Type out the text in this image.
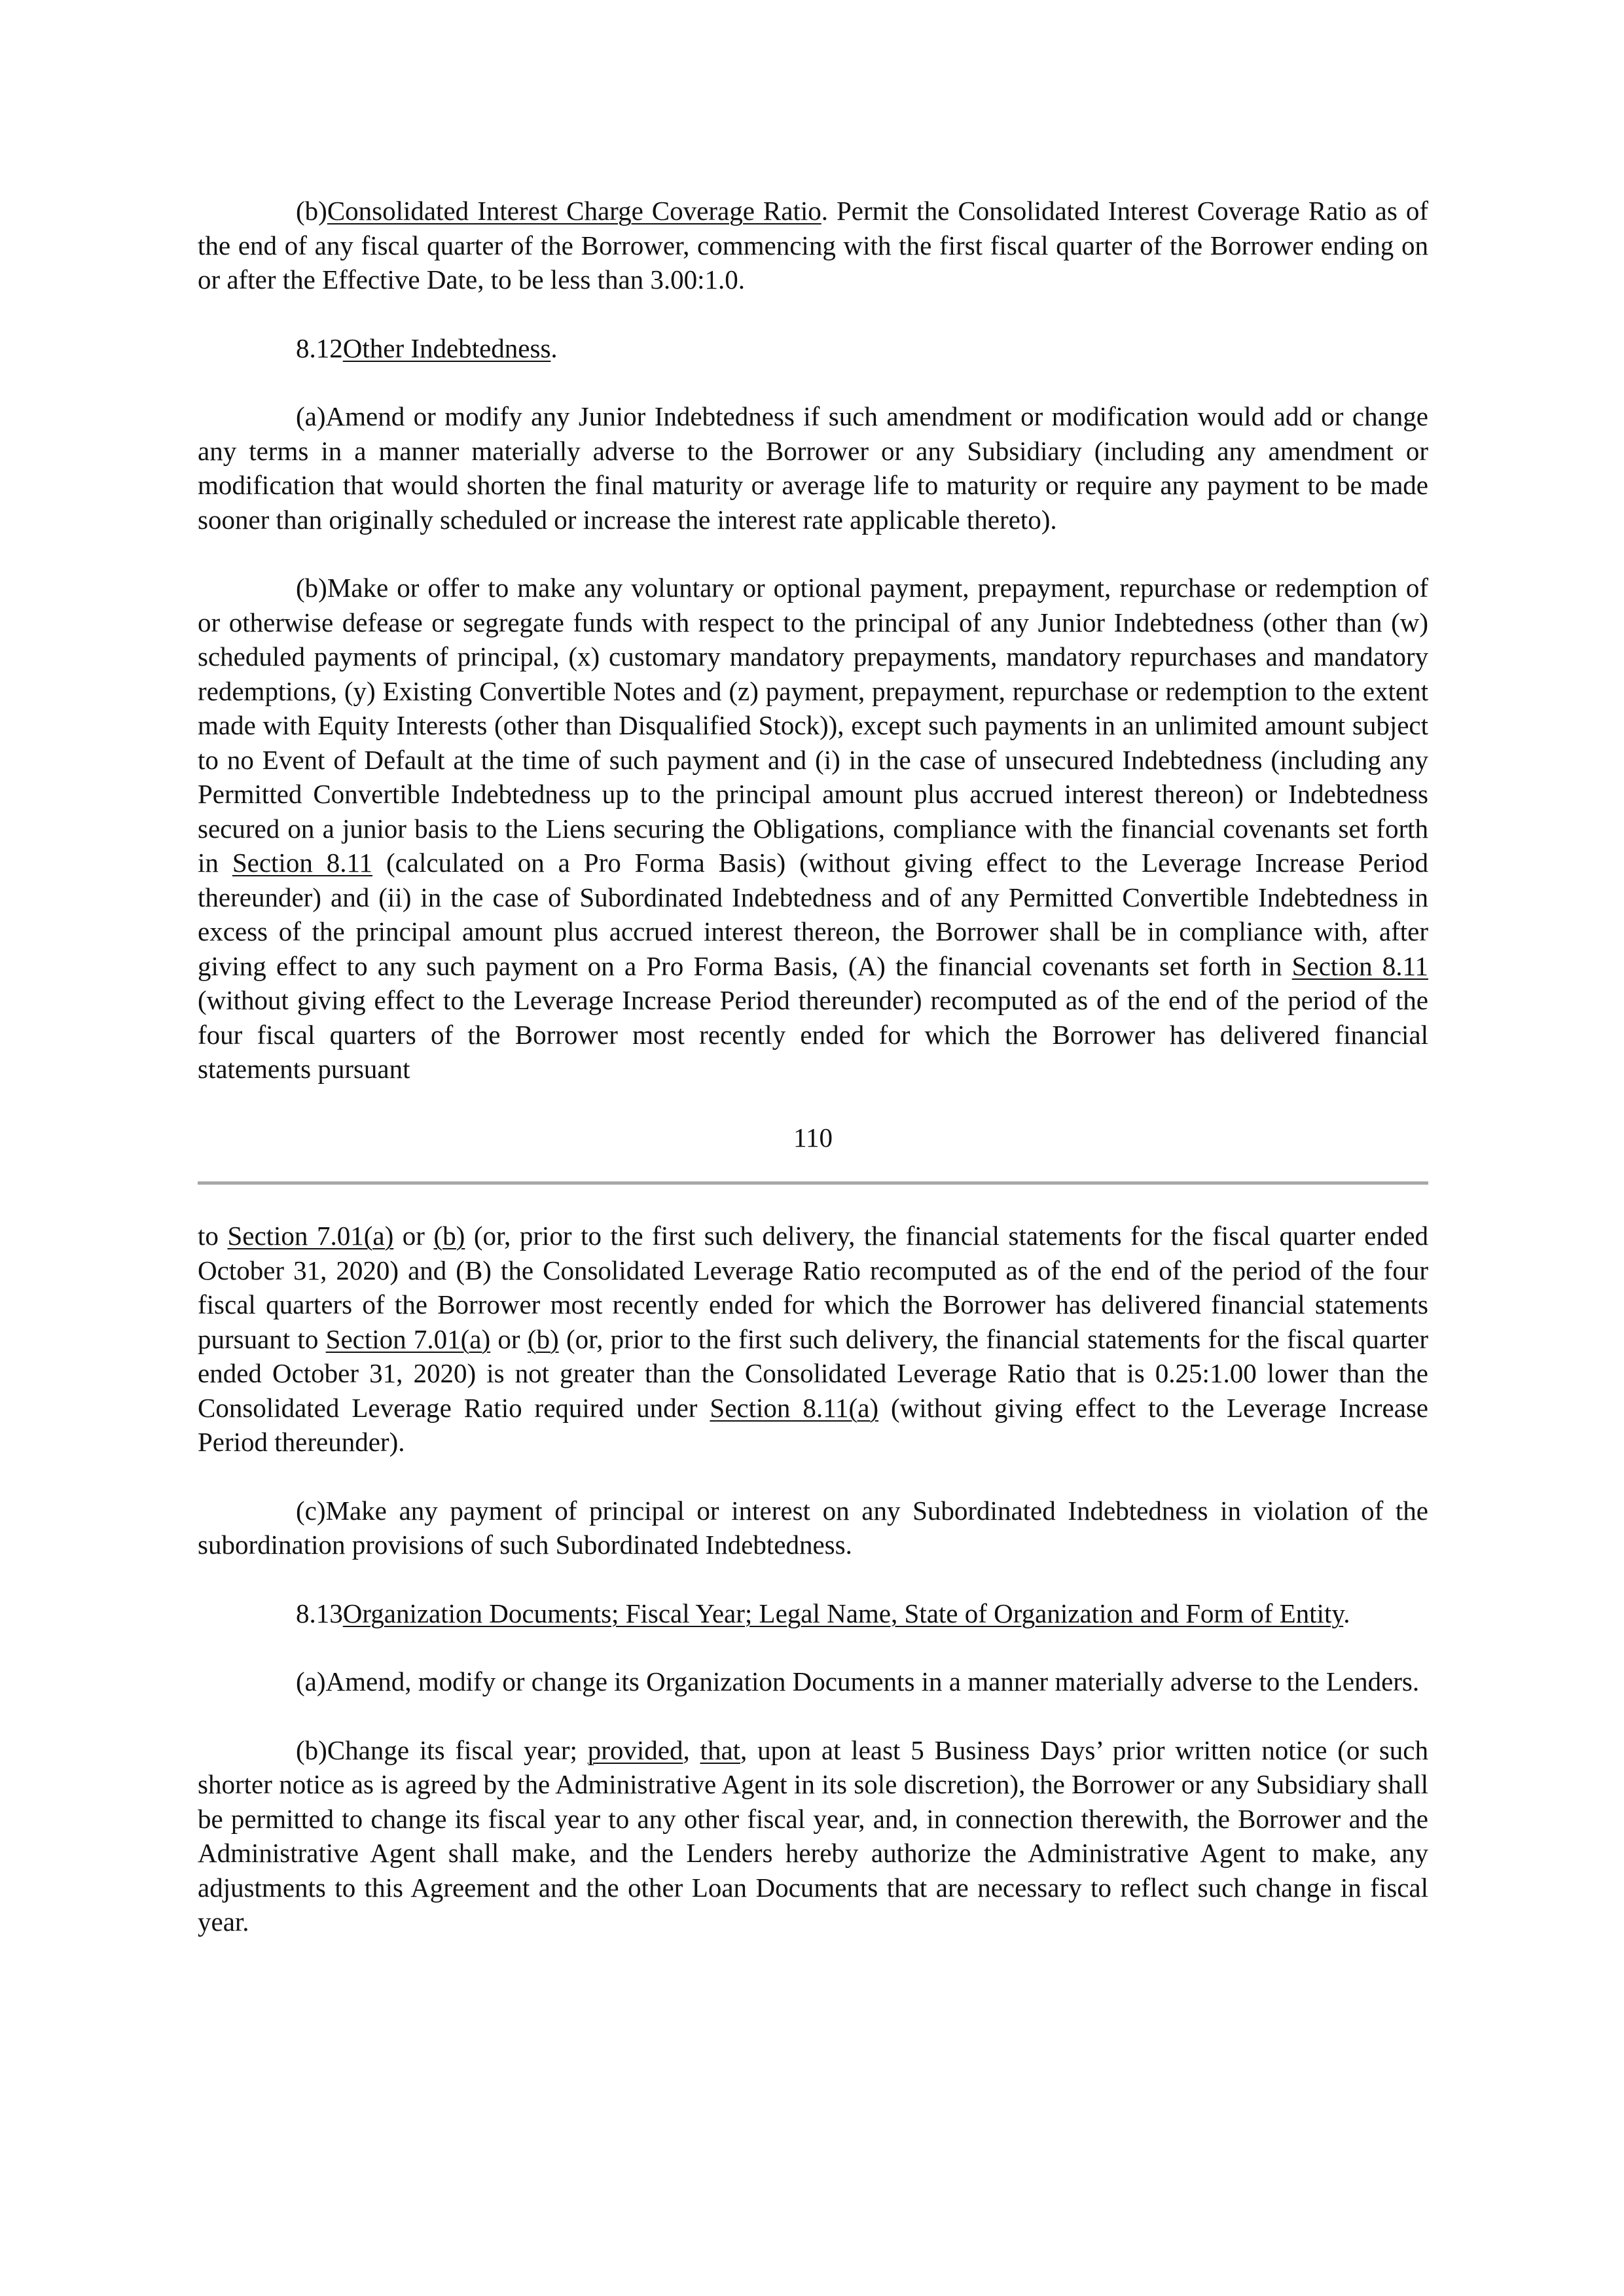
(b)Consolidated Interest Charge Coverage Ratio. Permit the Consolidated Interest Coverage Ratio as of the end of any fiscal quarter of the Borrower, commencing with the first fiscal quarter of the Borrower ending on or after the Effective Date, to be less than 3.00:1.0.

8.12Other Indebtedness.

(a)Amend or modify any Junior Indebtedness if such amendment or modification would add or change any terms in a manner materially adverse to the Borrower or any Subsidiary (including any amendment or modification that would shorten the final maturity or average life to maturity or require any payment to be made sooner than originally scheduled or increase the interest rate applicable thereto).

(b)Make or offer to make any voluntary or optional payment, prepayment, repurchase or redemption of or otherwise defease or segregate funds with respect to the principal of any Junior Indebtedness (other than (w) scheduled payments of principal, (x) customary mandatory prepayments, mandatory repurchases and mandatory redemptions, (y) Existing Convertible Notes and (z) payment, prepayment, repurchase or redemption to the extent made with Equity Interests (other than Disqualified Stock)), except such payments in an unlimited amount subject to no Event of Default at the time of such payment and (i) in the case of unsecured Indebtedness (including any Permitted Convertible Indebtedness up to the principal amount plus accrued interest thereon) or Indebtedness secured on a junior basis to the Liens securing the Obligations, compliance with the financial covenants set forth in Section 8.11 (calculated on a Pro Forma Basis) (without giving effect to the Leverage Increase Period thereunder) and (ii) in the case of Subordinated Indebtedness and of any Permitted Convertible Indebtedness in excess of the principal amount plus accrued interest thereon, the Borrower shall be in compliance with, after giving effect to any such payment on a Pro Forma Basis, (A) the financial covenants set forth in Section 8.11 (without giving effect to the Leverage Increase Period thereunder) recomputed as of the end of the period of the four fiscal quarters of the Borrower most recently ended for which the Borrower has delivered financial statements pursuant

110

to Section 7.01(a) or (b) (or, prior to the first such delivery, the financial statements for the fiscal quarter ended October 31, 2020) and (B) the Consolidated Leverage Ratio recomputed as of the end of the period of the four fiscal quarters of the Borrower most recently ended for which the Borrower has delivered financial statements pursuant to Section 7.01(a) or (b) (or, prior to the first such delivery, the financial statements for the fiscal quarter ended October 31, 2020) is not greater than the Consolidated Leverage Ratio that is 0.25:1.00 lower than the Consolidated Leverage Ratio required under Section 8.11(a) (without giving effect to the Leverage Increase Period thereunder).

(c)Make any payment of principal or interest on any Subordinated Indebtedness in violation of the subordination provisions of such Subordinated Indebtedness.

8.13Organization Documents; Fiscal Year; Legal Name, State of Organization and Form of Entity.

(a)Amend, modify or change its Organization Documents in a manner materially adverse to the Lenders.

(b)Change its fiscal year; provided, that, upon at least 5 Business Days’ prior written notice (or such shorter notice as is agreed by the Administrative Agent in its sole discretion), the Borrower or any Subsidiary shall be permitted to change its fiscal year to any other fiscal year, and, in connection therewith, the Borrower and the Administrative Agent shall make, and the Lenders hereby authorize the Administrative Agent to make, any adjustments to this Agreement and the other Loan Documents that are necessary to reflect such change in fiscal year.
